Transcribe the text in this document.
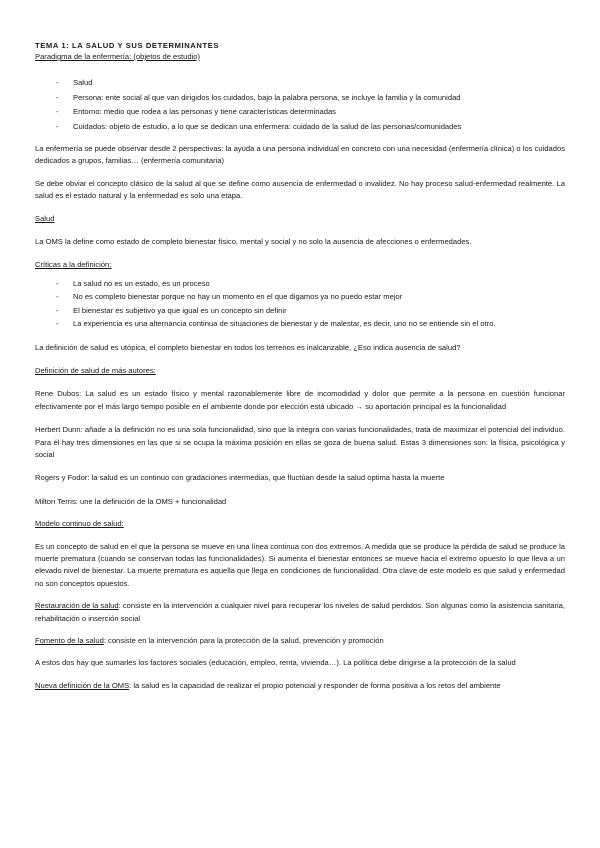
TEMA 1: LA SALUD Y SUS DETERMINANTES
Paradigma de la enfermería: (objetos de estudio)
- Salud
- Persona: ente social al que van dirigidos los cuidados, bajo la palabra persona, se incluye la familia y la comunidad
- Entorno: medio que rodea a las personas y tiene características determinadas
- Cuidados: objeto de estudio, a lo que se dedican una enfermera: cuidado de la salud de las personas/comunidades

La enfermería se puede observar desde 2 perspectivas: la ayuda a una persona individual en concreto con una necesidad (enfermería clínica) o los cuidados dedicados a grupos, familias… (enfermería comunitaria)

Se debe obviar el concepto clásico de la salud al que se define como ausencia de enfermedad o invalidez. No hay proceso salud-enfermedad realmente. La salud es el estado natural y la enfermedad es solo una etapa.

Salud

La OMS la define como estado de completo bienestar físico, mental y social y no solo la ausencia de afecciones o enfermedades.

Críticas a la definición:
- La salud no es un estado, es un proceso
- No es completo bienestar porque no hay un momento en el que digamos ya no puedo estar mejor
- El bienestar es subjetivo ya que igual es un concepto sin definir
- La experiencia es una alternancia continua de situaciones de bienestar y de malestar, es decir, uno no se entiende sin el otro.

La definición de salud es utópica, el completo bienestar en todos los terrenos es inalcanzable, ¿Eso indica ausencia de salud?

Definición de salud de más autores:

Rene Dubos: La salud es un estado físico y mental razonablemente libre de incomodidad y dolor que permite a la persona en cuestión funcionar efectivamente por el más largo tiempo posible en el ambiente donde por elección está ubicado → su aportación principal es la funcionalidad

Herbert Dunn: añade a la definición no es una sola funcionalidad, sino que la integra con varias funcionalidades, trata de maximizar el potencial del individuo. Para él hay tres dimensiones en las que si se ocupa la máxima posición en ellas se goza de buena salud. Estas 3 dimensiones son: la física, psicológica y social

Rogers y Fodor: la salud es un continuo con gradaciones intermedias, que fluctúan desde la salud optima hasta la muerte

Milton Terris: une la definición de la OMS + funcionalidad

Modelo continuo de salud:

Es un concepto de salud en el que la persona se mueve en una línea continua con dos extremos. A medida que se produce la pérdida de salud se produce la muerte prematura (cuando se conservan todas las funcionalidades). Si aumenta el bienestar entonces se mueve hacia el extremo opuesto lo que lleva a un elevado nivel de bienestar. La muerte prematura es aquella que llega en condiciones de funcionalidad. Otra clave de este modelo es que salud y enfermedad no son conceptos opuestos.

Restauración de la salud: consiste en la intervención a cualquier nivel para recuperar los niveles de salud perdidos. Son algunas como la asistencia sanitaria, rehabilitación o inserción social

Fomento de la salud: consiste en la intervención para la protección de la salud, prevención y promoción

A estos dos hay que sumarles los factores sociales (educación, empleo, renta, vivienda…). La política debe dirigirse a la protección de la salud

Nueva definición de la OMS: la salud es la capacidad de realizar el propio potencial y responder de forma positiva a los retos del ambiente
